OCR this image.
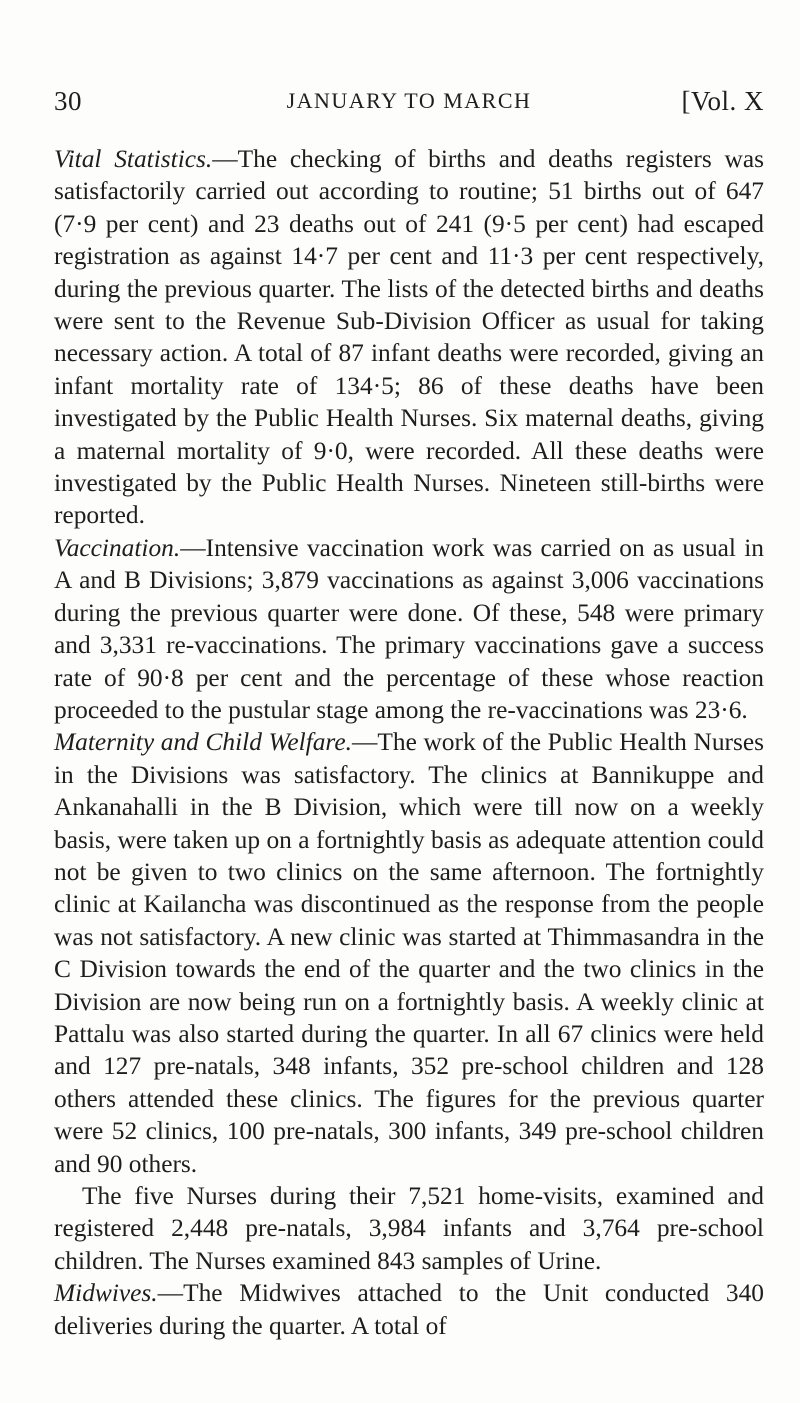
30	JANUARY TO MARCH	[Vol. X

Vital Statistics.—The checking of births and deaths registers was satisfactorily carried out according to routine; 51 births out of 647 (7·9 per cent) and 23 deaths out of 241 (9·5 per cent) had escaped registration as against 14·7 per cent and 11·3 per cent respectively, during the previous quarter. The lists of the detected births and deaths were sent to the Revenue Sub-Division Officer as usual for taking necessary action. A total of 87 infant deaths were recorded, giving an infant mortality rate of 134·5; 86 of these deaths have been investigated by the Public Health Nurses. Six maternal deaths, giving a maternal mortality of 9·0, were recorded. All these deaths were investigated by the Public Health Nurses. Nineteen still-births were reported.

Vaccination.—Intensive vaccination work was carried on as usual in A and B Divisions; 3,879 vaccinations as against 3,006 vaccinations during the previous quarter were done. Of these, 548 were primary and 3,331 re-vaccinations. The primary vaccinations gave a success rate of 90·8 per cent and the percentage of these whose reaction proceeded to the pustular stage among the re-vaccinations was 23·6.

Maternity and Child Welfare.—The work of the Public Health Nurses in the Divisions was satisfactory. The clinics at Bannikuppe and Ankanahalli in the B Division, which were till now on a weekly basis, were taken up on a fortnightly basis as adequate attention could not be given to two clinics on the same afternoon. The fortnightly clinic at Kailancha was discontinued as the response from the people was not satisfactory. A new clinic was started at Thimmasandra in the C Division towards the end of the quarter and the two clinics in the Division are now being run on a fortnightly basis. A weekly clinic at Pattalu was also started during the quarter. In all 67 clinics were held and 127 pre-natals, 348 infants, 352 pre-school children and 128 others attended these clinics. The figures for the previous quarter were 52 clinics, 100 pre-natals, 300 infants, 349 pre-school children and 90 others.

The five Nurses during their 7,521 home-visits, examined and registered 2,448 pre-natals, 3,984 infants and 3,764 pre-school children. The Nurses examined 843 samples of Urine.

Midwives.—The Midwives attached to the Unit conducted 340 deliveries during the quarter. A total of
